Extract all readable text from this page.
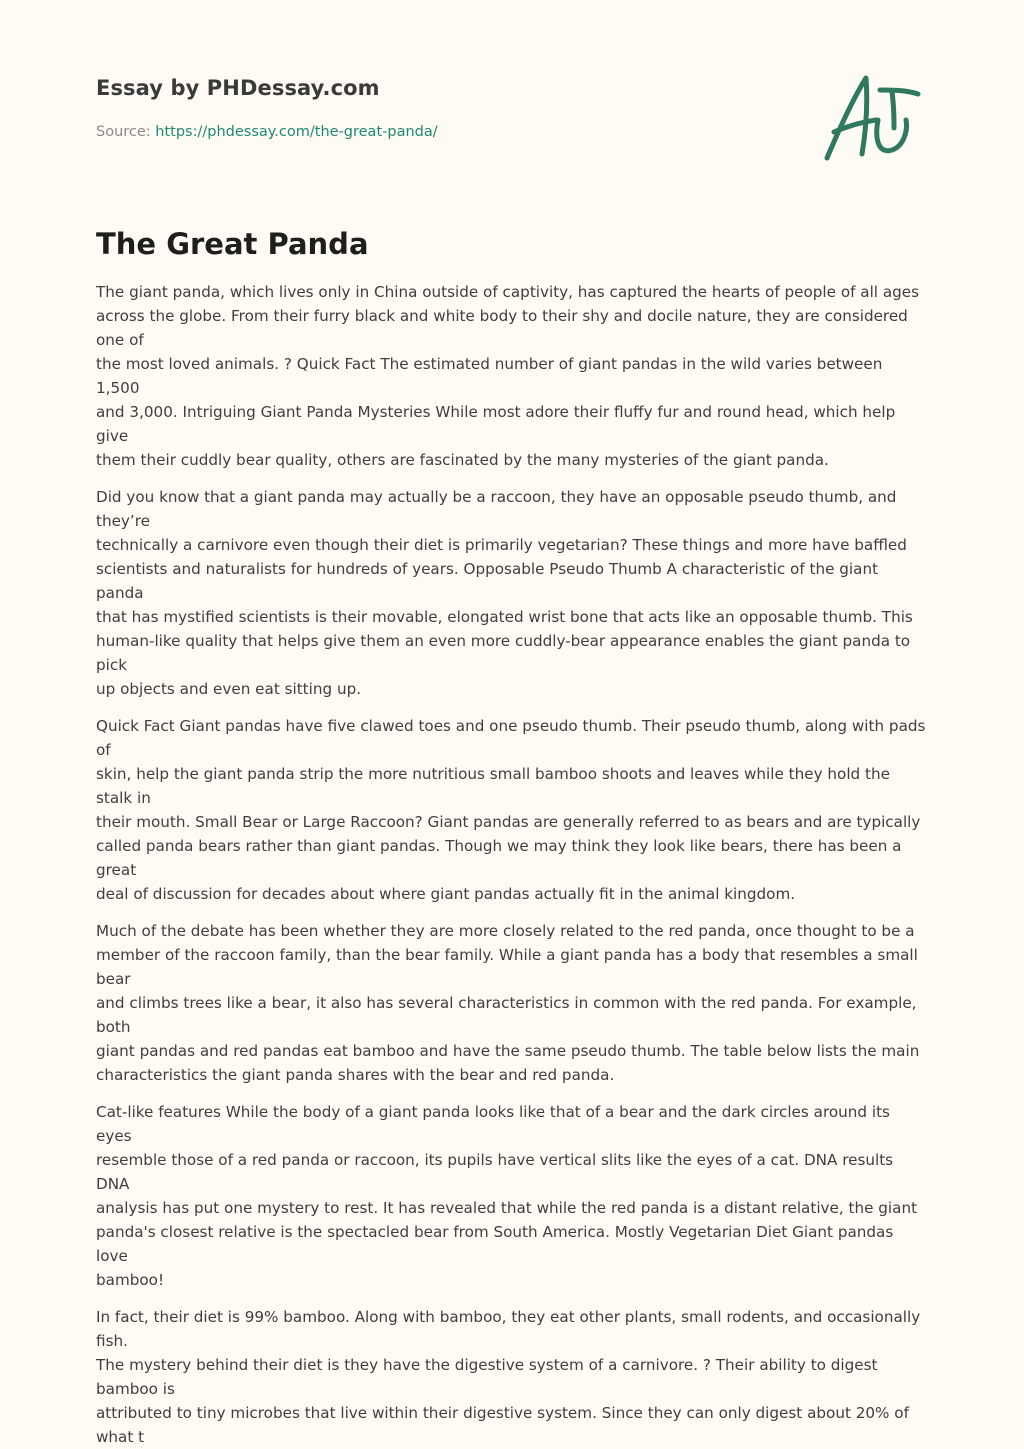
Essay by PHDessay.com
Source: https://phdessay.com/the-great-panda/
The Great Panda

The giant panda, which lives only in China outside of captivity, has captured the hearts of people of all ages
across the globe. From their furry black and white body to their shy and docile nature, they are considered one of
the most loved animals. ? Quick Fact The estimated number of giant pandas in the wild varies between 1,500
and 3,000. Intriguing Giant Panda Mysteries While most adore their fluffy fur and round head, which help give
them their cuddly bear quality, others are fascinated by the many mysteries of the giant panda.

Did you know that a giant panda may actually be a raccoon, they have an opposable pseudo thumb, and they’re
technically a carnivore even though their diet is primarily vegetarian? These things and more have baffled
scientists and naturalists for hundreds of years. Opposable Pseudo Thumb A characteristic of the giant panda
that has mystified scientists is their movable, elongated wrist bone that acts like an opposable thumb. This
human-like quality that helps give them an even more cuddly-bear appearance enables the giant panda to pick
up objects and even eat sitting up.

Quick Fact Giant pandas have five clawed toes and one pseudo thumb. Their pseudo thumb, along with pads of
skin, help the giant panda strip the more nutritious small bamboo shoots and leaves while they hold the stalk in
their mouth. Small Bear or Large Raccoon? Giant pandas are generally referred to as bears and are typically
called panda bears rather than giant pandas. Though we may think they look like bears, there has been a great
deal of discussion for decades about where giant pandas actually fit in the animal kingdom.

Much of the debate has been whether they are more closely related to the red panda, once thought to be a
member of the raccoon family, than the bear family. While a giant panda has a body that resembles a small bear
and climbs trees like a bear, it also has several characteristics in common with the red panda. For example, both
giant pandas and red pandas eat bamboo and have the same pseudo thumb. The table below lists the main
characteristics the giant panda shares with the bear and red panda.

Cat-like features While the body of a giant panda looks like that of a bear and the dark circles around its eyes
resemble those of a red panda or raccoon, its pupils have vertical slits like the eyes of a cat. DNA results DNA
analysis has put one mystery to rest. It has revealed that while the red panda is a distant relative, the giant
panda's closest relative is the spectacled bear from South America. Mostly Vegetarian Diet Giant pandas love
bamboo!

In fact, their diet is 99% bamboo. Along with bamboo, they eat other plants, small rodents, and occasionally fish.
The mystery behind their diet is they have the digestive system of a carnivore. ? Their ability to digest bamboo is
attributed to tiny microbes that live within their digestive system. Since they can only digest about 20% of what t
